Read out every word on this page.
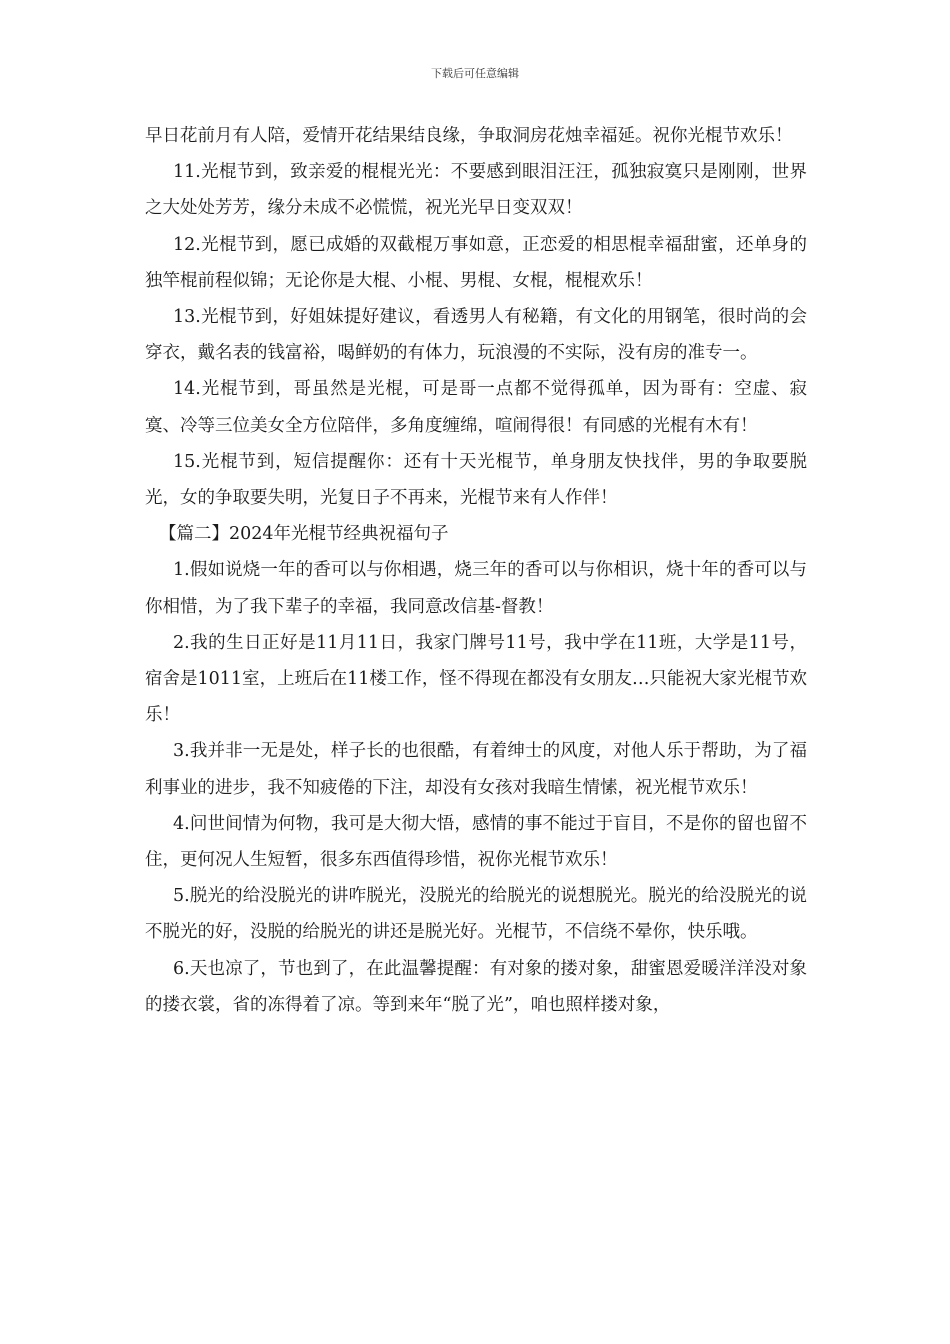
下载后可任意编辑

早日花前月有人陪，爱情开花结果结良缘，争取洞房花烛幸福延。祝你光棍节欢乐！

11.光棍节到，致亲爱的棍棍光光：不要感到眼泪汪汪，孤独寂寞只是刚刚，世界之大处处芳芳，缘分未成不必慌慌，祝光光早日变双双！

12.光棍节到，愿已成婚的双截棍万事如意，正恋爱的相思棍幸福甜蜜，还单身的独竿棍前程似锦；无论你是大棍、小棍、男棍、女棍，棍棍欢乐！

13.光棍节到，好姐妹提好建议，看透男人有秘籍，有文化的用钢笔，很时尚的会穿衣，戴名表的钱富裕，喝鲜奶的有体力，玩浪漫的不实际，没有房的准专一。

14.光棍节到，哥虽然是光棍，可是哥一点都不觉得孤单，因为哥有：空虚、寂寞、冷等三位美女全方位陪伴，多角度缠绵，喧闹得很！有同感的光棍有木有！

15.光棍节到，短信提醒你：还有十天光棍节，单身朋友快找伴，男的争取要脱光，女的争取要失明，光复日子不再来，光棍节来有人作伴！

【篇二】2024年光棍节经典祝福句子

1.假如说烧一年的香可以与你相遇，烧三年的香可以与你相识，烧十年的香可以与你相惜，为了我下辈子的幸福，我同意改信基-督教！

2.我的生日正好是11月11日，我家门牌号11号，我中学在11班，大学是11号，宿舍是1011室，上班后在11楼工作，怪不得现在都没有女朋友…只能祝大家光棍节欢乐！

3.我并非一无是处，样子长的也很酷，有着绅士的风度，对他人乐于帮助，为了福利事业的进步，我不知疲倦的下注，却没有女孩对我暗生情愫，祝光棍节欢乐！

4.问世间情为何物，我可是大彻大悟，感情的事不能过于盲目，不是你的留也留不住，更何况人生短暂，很多东西值得珍惜，祝你光棍节欢乐！

5.脱光的给没脱光的讲咋脱光，没脱光的给脱光的说想脱光。脱光的给没脱光的说不脱光的好，没脱的给脱光的讲还是脱光好。光棍节，不信绕不晕你，快乐哦。

6.天也凉了，节也到了，在此温馨提醒：有对象的搂对象，甜蜜恩爱暖洋洋没对象的搂衣裳，省的冻得着了凉。等到来年“脱了光”，咱也照样搂对象，
